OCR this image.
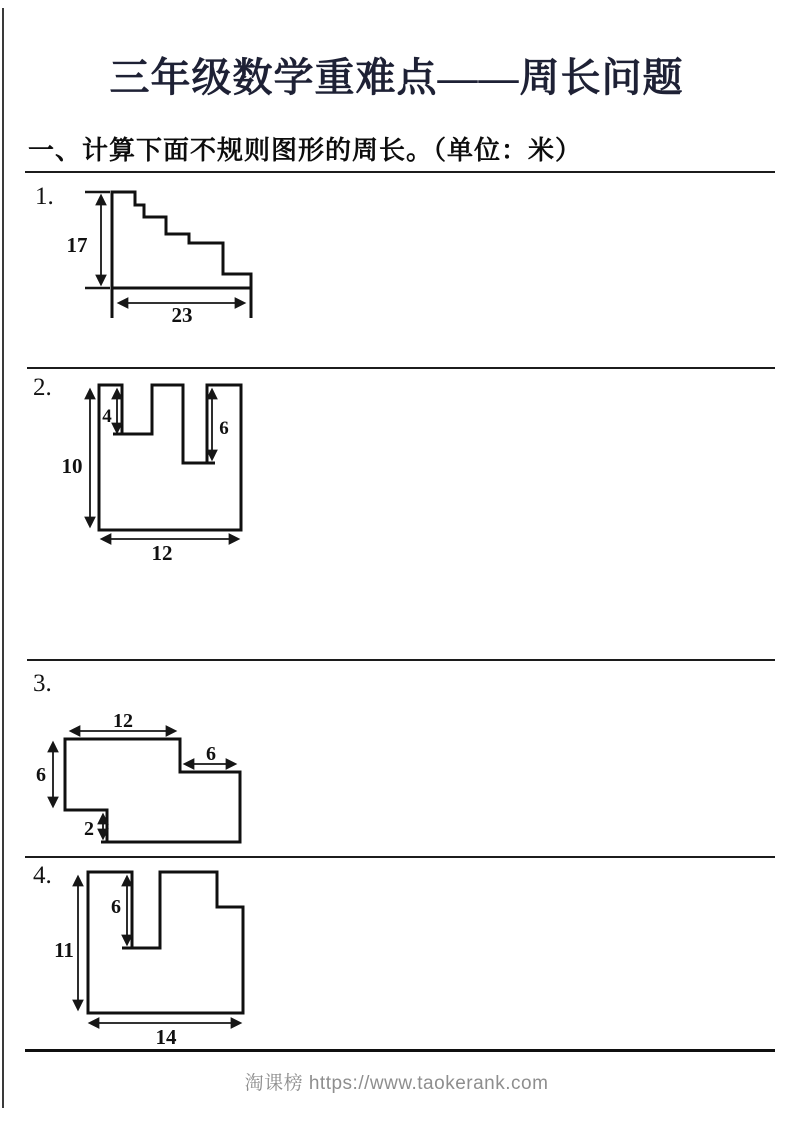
三年级数学重难点——周长问题
一、计算下面不规则图形的周长。（单位：米）
1.
17
23
2.
10
4
6
12
3.
12
6
6
2
4.
11
6
14
淘课榜 https://www.taokerank.com
